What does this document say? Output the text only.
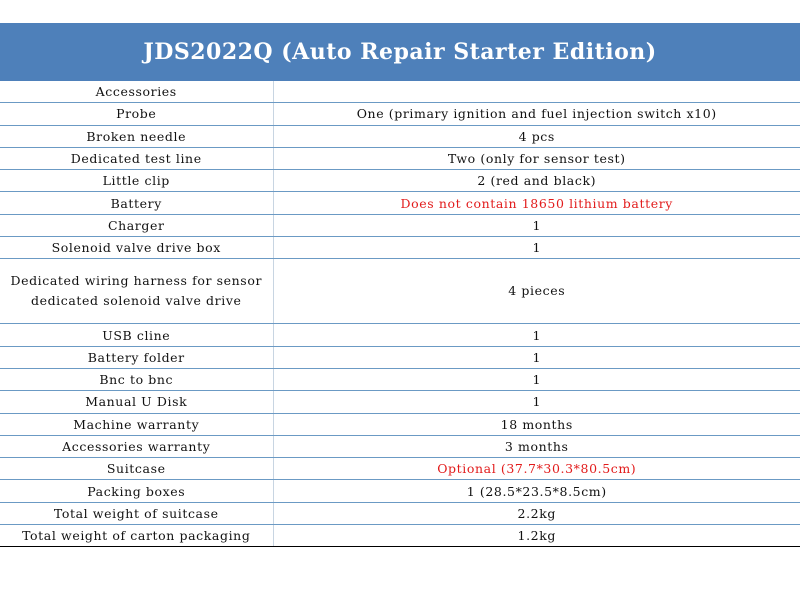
JDS2022Q (Auto Repair Starter Edition)
Accessories	
Probe	One (primary ignition and fuel injection switch x10)
Broken needle	4 pcs
Dedicated test line	Two (only for sensor test)
Little clip	2 (red and black)
Battery	Does not contain 18650 lithium battery
Charger	1
Solenoid valve drive box	1
Dedicated wiring harness for sensor dedicated solenoid valve drive	4 pieces
USB cline	1
Battery folder	1
Bnc to bnc	1
Manual U Disk	1
Machine warranty	18 months
Accessories warranty	3 months
Suitcase	Optional (37.7*30.3*80.5cm)
Packing boxes	1 (28.5*23.5*8.5cm)
Total weight of suitcase	2.2kg
Total weight of carton packaging	1.2kg
